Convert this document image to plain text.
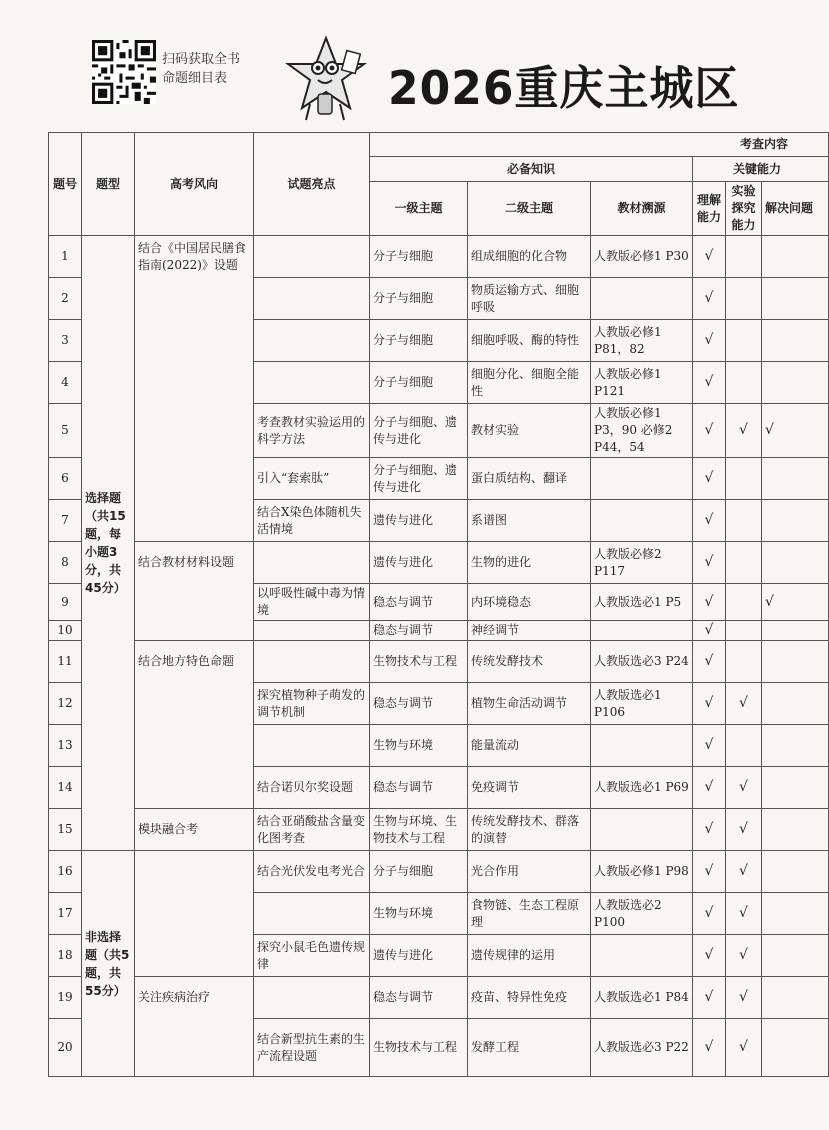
扫码获取全书
命题细目表	2026重庆主城区
题号	题型	高考风向	试题亮点	考查内容					
				必备知识			关键能力		
				一级主题	二级主题	教材溯源	理解能力	实验探究能力	解决问题
1	选择题（共15题，每小题3分，共45分）	结合《中国居民膳食指南(2022)》设题		分子与细胞	组成细胞的化合物	人教版必修1 P30	√		
2				分子与细胞	物质运输方式、细胞呼吸		√		
3				分子与细胞	细胞呼吸、酶的特性	人教版必修1 P81，82	√		
4				分子与细胞	细胞分化、细胞全能性	人教版必修1 P121	√		
5			考查教材实验运用的科学方法	分子与细胞、遗传与进化	教材实验	人教版必修1 P3，90 必修2 P44，54	√	√	√
6			引入“套索肽”	分子与细胞、遗传与进化	蛋白质结构、翻译		√		
7			结合X染色体随机失活情境	遗传与进化	系谱图		√		
8		结合教材材料设题		遗传与进化	生物的进化	人教版必修2 P117	√		
9			以呼吸性碱中毒为情境	稳态与调节	内环境稳态	人教版选必1 P5	√		√
10				稳态与调节	神经调节		√		
11		结合地方特色命题		生物技术与工程	传统发酵技术	人教版选必3 P24	√		
12			探究植物种子萌发的调节机制	稳态与调节	植物生命活动调节	人教版选必1 P106	√	√	
13				生物与环境	能量流动		√		
14			结合诺贝尔奖设题	稳态与调节	免疫调节	人教版选必1 P69	√	√	
15		模块融合考	结合亚硝酸盐含量变化图考查	生物与环境、生物技术与工程	传统发酵技术、群落的演替		√	√	
16	非选择题（共5题，共55分）		结合光伏发电考光合	分子与细胞	光合作用	人教版必修1 P98	√	√	
17				生物与环境	食物链、生态工程原理	人教版选必2 P100	√	√	
18			探究小鼠毛色遗传规律	遗传与进化	遗传规律的运用		√	√	
19		关注疾病治疗		稳态与调节	疫苗、特异性免疫	人教版选必1 P84	√	√	
20			结合新型抗生素的生产流程设题	生物技术与工程	发酵工程	人教版选必3 P22	√	√	
